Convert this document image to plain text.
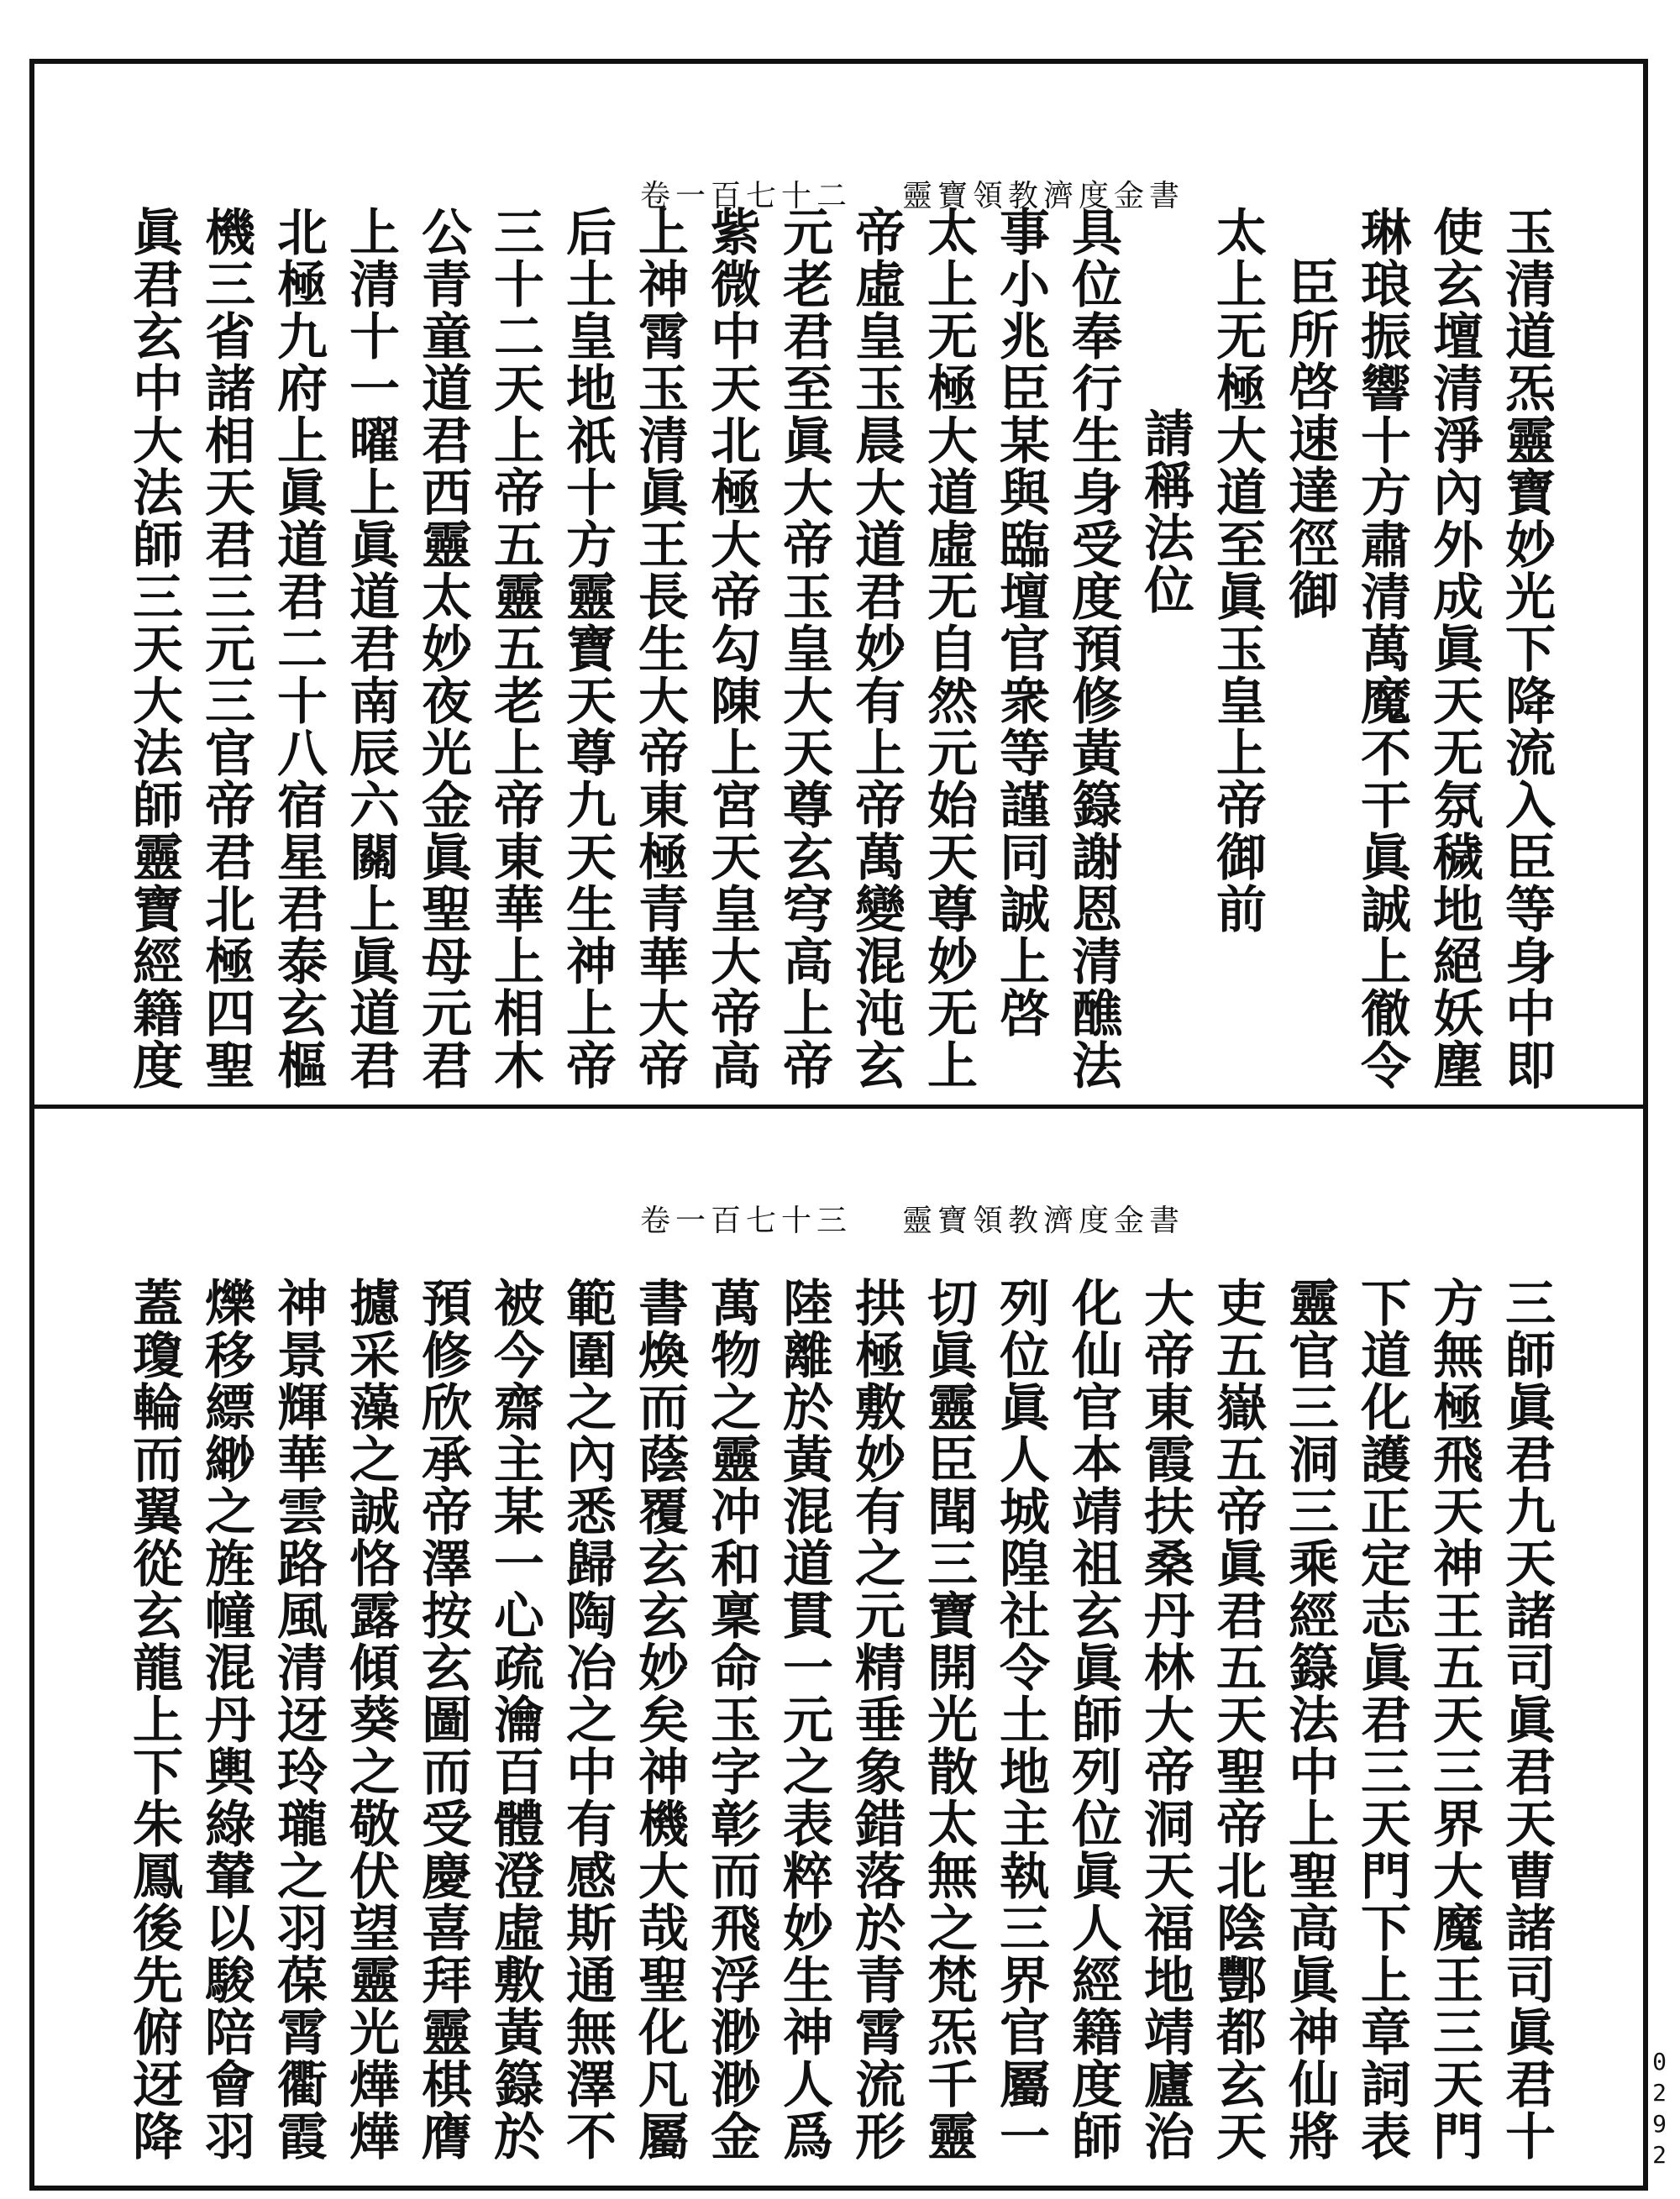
靈寶領教濟度金書
卷一百七十二
玉清道炁靈寶妙光下降流入臣等身中即
使玄壇清淨內外成眞天无氛穢地絕妖塵
琳琅振響十方肅清萬魔不干眞誠上徹令
臣所啓速達徑御
太上无極大道至眞玉皇上帝御前
請稱法位
具位奉行生身受度預修黃籙謝恩清醮法
事小兆臣某與臨壇官衆等謹同誠上啓
太上无極大道虛无自然元始天尊妙无上
帝虛皇玉晨大道君妙有上帝萬變混沌玄
元老君至眞大帝玉皇大天尊玄穹高上帝
紫微中天北極大帝勾陳上宮天皇大帝高
上神霄玉清眞王長生大帝東極青華大帝
后土皇地祇十方靈寶天尊九天生神上帝
三十二天上帝五靈五老上帝東華上相木
公青童道君西靈太妙夜光金眞聖母元君
上清十一曜上眞道君南辰六關上眞道君
北極九府上眞道君二十八宿星君泰玄樞
機三省諸相天君三元三官帝君北極四聖
眞君玄中大法師三天大法師靈寶經籍度
靈寶領教濟度金書
卷一百七十三
三師眞君九天諸司眞君天曹諸司眞君十
方無極飛天神王五天三界大魔王三天門
下道化護正定志眞君三天門下上章詞表
靈官三洞三乘經籙法中上聖高眞神仙將
吏五嶽五帝眞君五天聖帝北陰酆都玄天
大帝東霞扶桑丹林大帝洞天福地靖廬治
化仙官本靖祖玄眞師列位眞人經籍度師
列位眞人城隍社令土地主執三界官屬一
切眞靈臣聞三寶開光散太無之梵炁千靈
拱極敷妙有之元精垂象錯落於青霄流形
陸離於黃混道貫一元之表粹妙生神人爲
萬物之靈冲和稟命玉字彰而飛浮渺渺金
書煥而蔭覆玄玄妙矣神機大哉聖化凡屬
範圍之內悉歸陶冶之中有感斯通無澤不
被今齋主某一心疏瀹百體澄虛敷黃籙於
預修欣承帝澤按玄圖而受慶喜拜靈棋膺
攄采藻之誠恪露傾葵之敬伏望靈光燁燁
神景輝華雲路風清迓玲瓏之羽葆霄衢霞
爍移縹緲之旌幢混丹輿綠輦以駿陪會羽
蓋瓊輪而翼從玄龍上下朱鳳後先俯迓降	0292
